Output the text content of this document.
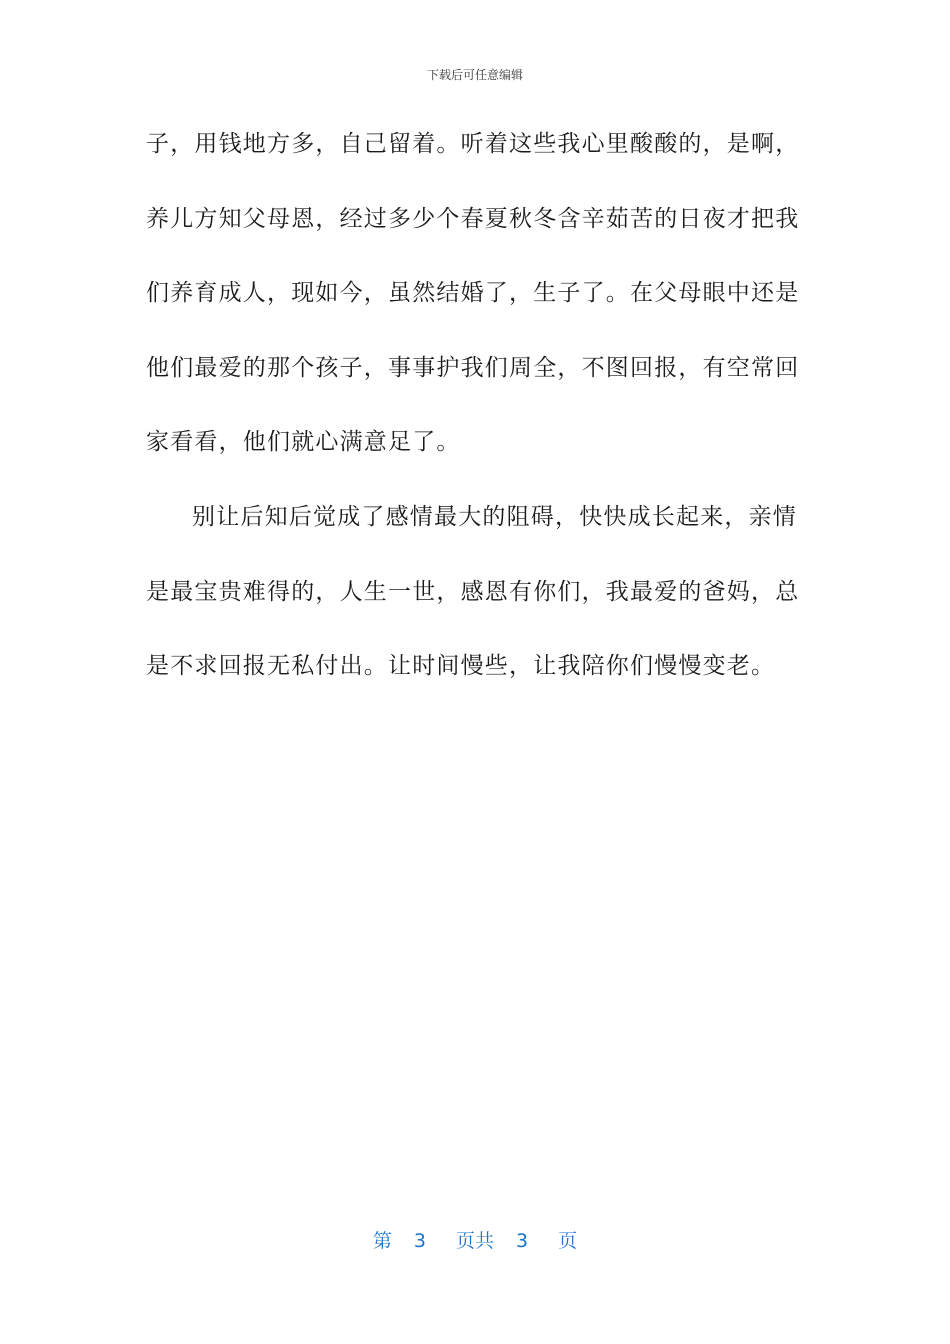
下载后可任意编辑
子，用钱地方多，自己留着。听着这些我心里酸酸的，是啊，
养儿方知父母恩，经过多少个春夏秋冬含辛茹苦的日夜才把我
们养育成人，现如今，虽然结婚了，生子了。在父母眼中还是
他们最爱的那个孩子，事事护我们周全，不图回报，有空常回
家看看，他们就心满意足了。
别让后知后觉成了感情最大的阻碍，快快成长起来，亲情
是最宝贵难得的，人生一世，感恩有你们，我最爱的爸妈，总
是不求回报无私付出。让时间慢些，让我陪你们慢慢变老。
第 3 页共 3 页
